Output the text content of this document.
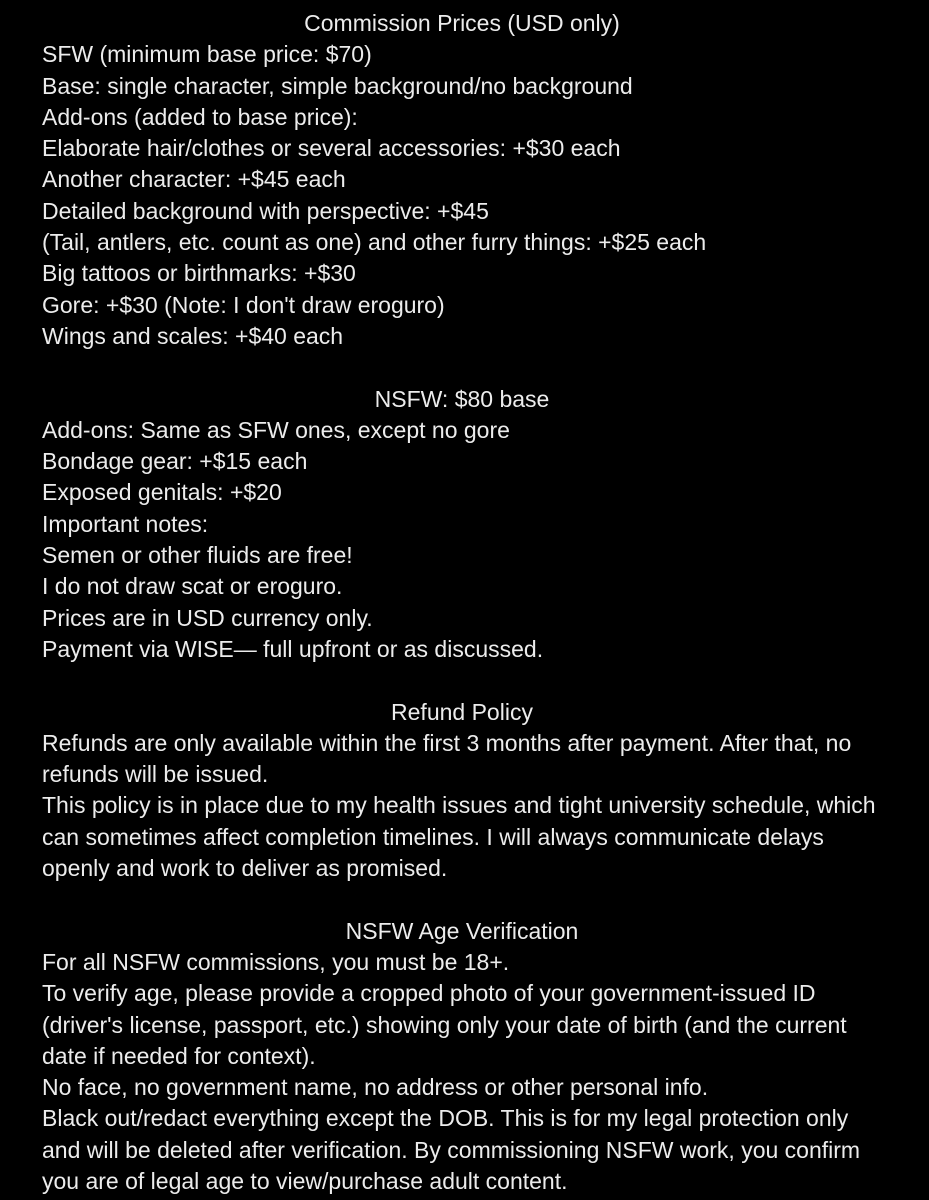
Commission Prices (USD only)
SFW (minimum base price: $70)
Base: single character, simple background/no background
Add-ons (added to base price):
Elaborate hair/clothes or several accessories: +$30 each
Another character: +$45 each
Detailed background with perspective: +$45
(Tail, antlers, etc. count as one) and other furry things: +$25 each
Big tattoos or birthmarks: +$30
Gore: +$30 (Note: I don't draw eroguro)
Wings and scales: +$40 each
NSFW: $80 base
Add-ons: Same as SFW ones, except no gore
Bondage gear: +$15 each
Exposed genitals: +$20
Important notes:
Semen or other fluids are free!
I do not draw scat or eroguro.
Prices are in USD currency only.
Payment via WISE— full upfront or as discussed.
Refund Policy
Refunds are only available within the first 3 months after payment. After that, no refunds will be issued.
This policy is in place due to my health issues and tight university schedule, which can sometimes affect completion timelines. I will always communicate delays openly and work to deliver as promised.
NSFW Age Verification
For all NSFW commissions, you must be 18+.
To verify age, please provide a cropped photo of your government-issued ID (driver's license, passport, etc.) showing only your date of birth (and the current date if needed for context).
No face, no government name, no address or other personal info.
Black out/redact everything except the DOB. This is for my legal protection only and will be deleted after verification. By commissioning NSFW work, you confirm you are of legal age to view/purchase adult content.
